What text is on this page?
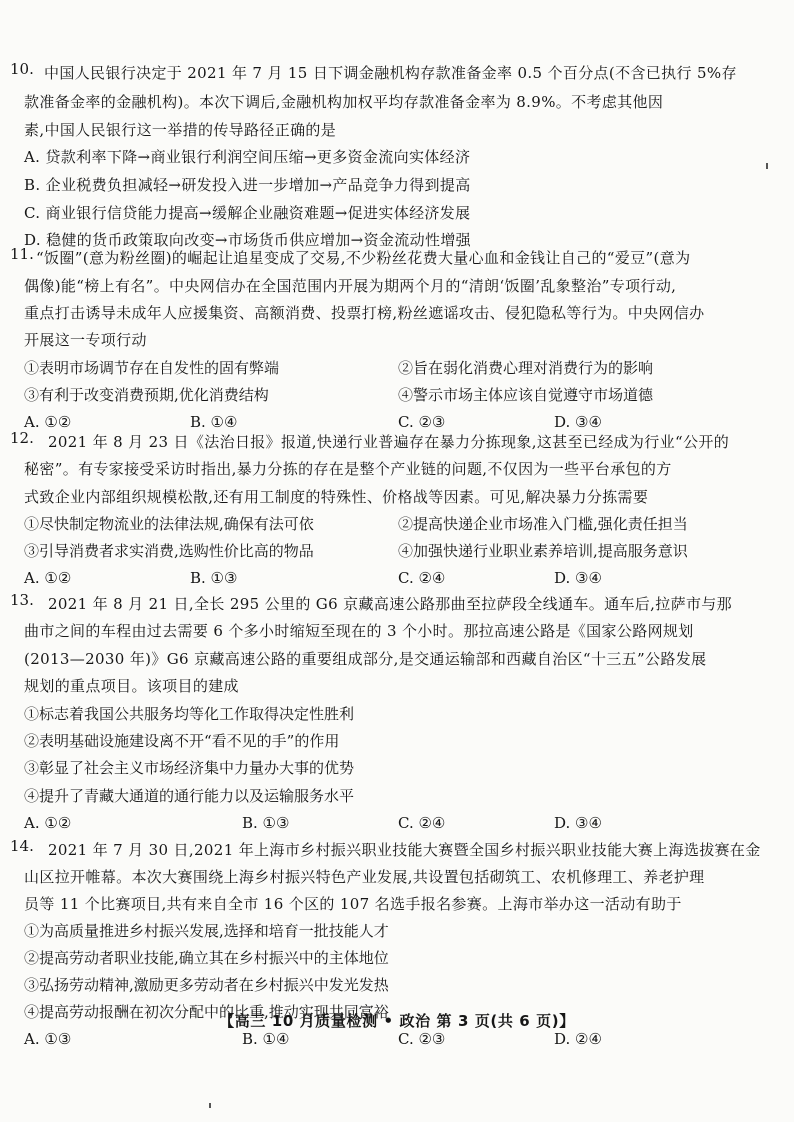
10. 中国人民银行决定于 2021 年 7 月 15 日下调金融机构存款准备金率 0.5 个百分点(不含已执行 5%存
款准备金率的金融机构)。本次下调后,金融机构加权平均存款准备金率为 8.9%。不考虑其他因
素,中国人民银行这一举措的传导路径正确的是
A. 贷款利率下降→商业银行利润空间压缩→更多资金流向实体经济
B. 企业税费负担减轻→研发投入进一步增加→产品竞争力得到提高
C. 商业银行信贷能力提高→缓解企业融资难题→促进实体经济发展
D. 稳健的货币政策取向改变→市场货币供应增加→资金流动性增强
11. “饭圈”(意为粉丝圈)的崛起让追星变成了交易,不少粉丝花费大量心血和金钱让自己的“爱豆”(意为
偶像)能“榜上有名”。中央网信办在全国范围内开展为期两个月的“清朗‘饭圈’乱象整治”专项行动,
重点打击诱导未成年人应援集资、高额消费、投票打榜,粉丝遮谣攻击、侵犯隐私等行为。中央网信办
开展这一专项行动
①表明市场调节存在自发性的固有弊端	②旨在弱化消费心理对消费行为的影响
③有利于改变消费预期,优化消费结构	④警示市场主体应该自觉遵守市场道德
A. ①②	B. ①④	C. ②③	D. ③④
12. 2021 年 8 月 23 日《法治日报》报道,快递行业普遍存在暴力分拣现象,这甚至已经成为行业“公开的
秘密”。有专家接受采访时指出,暴力分拣的存在是整个产业链的问题,不仅因为一些平台承包的方
式致企业内部组织规模松散,还有用工制度的特殊性、价格战等因素。可见,解决暴力分拣需要
①尽快制定物流业的法律法规,确保有法可依	②提高快递企业市场准入门槛,强化责任担当
③引导消费者求实消费,选购性价比高的物品	④加强快递行业职业素养培训,提高服务意识
A. ①②	B. ①③	C. ②④	D. ③④
13. 2021 年 8 月 21 日,全长 295 公里的 G6 京藏高速公路那曲至拉萨段全线通车。通车后,拉萨市与那
曲市之间的车程由过去需要 6 个多小时缩短至现在的 3 个小时。那拉高速公路是《国家公路网规划
(2013—2030 年)》G6 京藏高速公路的重要组成部分,是交通运输部和西藏自治区“十三五”公路发展
规划的重点项目。该项目的建成
①标志着我国公共服务均等化工作取得决定性胜利
②表明基础设施建设离不开“看不见的手”的作用
③彰显了社会主义市场经济集中力量办大事的优势
④提升了青藏大通道的通行能力以及运输服务水平
A. ①②	B. ①③	C. ②④	D. ③④
14. 2021 年 7 月 30 日,2021 年上海市乡村振兴职业技能大赛暨全国乡村振兴职业技能大赛上海选拔赛在金
山区拉开帷幕。本次大赛围绕上海乡村振兴特色产业发展,共设置包括砌筑工、农机修理工、养老护理
员等 11 个比赛项目,共有来自全市 16 个区的 107 名选手报名参赛。上海市举办这一活动有助于
①为高质量推进乡村振兴发展,选择和培育一批技能人才
②提高劳动者职业技能,确立其在乡村振兴中的主体地位
③弘扬劳动精神,激励更多劳动者在乡村振兴中发光发热
④提高劳动报酬在初次分配中的比重,推动实现共同富裕
A. ①③	B. ①④	C. ②③	D. ②④
【高三 10 月质量检测 • 政治 第 3 页(共 6 页)】
